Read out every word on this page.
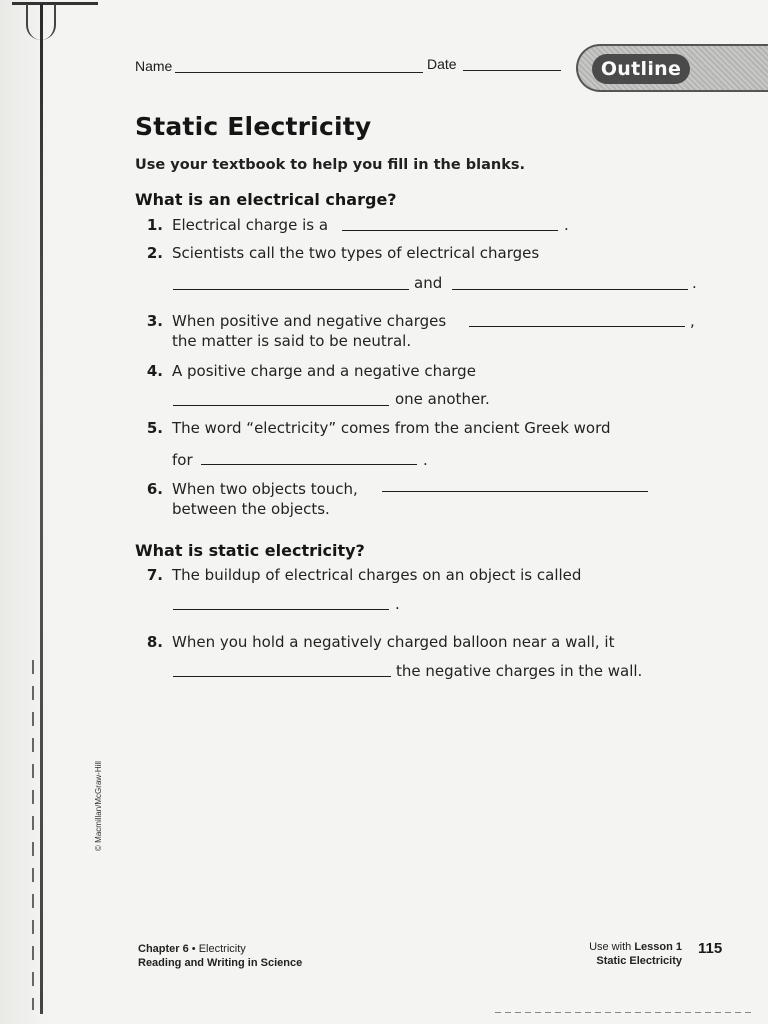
Name	Date	Outline
Static Electricity
Use your textbook to help you fill in the blanks.
What is an electrical charge?
1. Electrical charge is a	.
2. Scientists call the two types of electrical charges
and	.
3. When positive and negative charges	,
the matter is said to be neutral.
4. A positive charge and a negative charge
one another.
5. The word “electricity” comes from the ancient Greek word
for	.
6. When two objects touch,
between the objects.
What is static electricity?
7. The buildup of electrical charges on an object is called
.
8. When you hold a negatively charged balloon near a wall, it
the negative charges in the wall.
© Macmillan/McGraw-Hill
Chapter 6 • Electricity
Reading and Writing in Science
Use with Lesson 1
Static Electricity
115
